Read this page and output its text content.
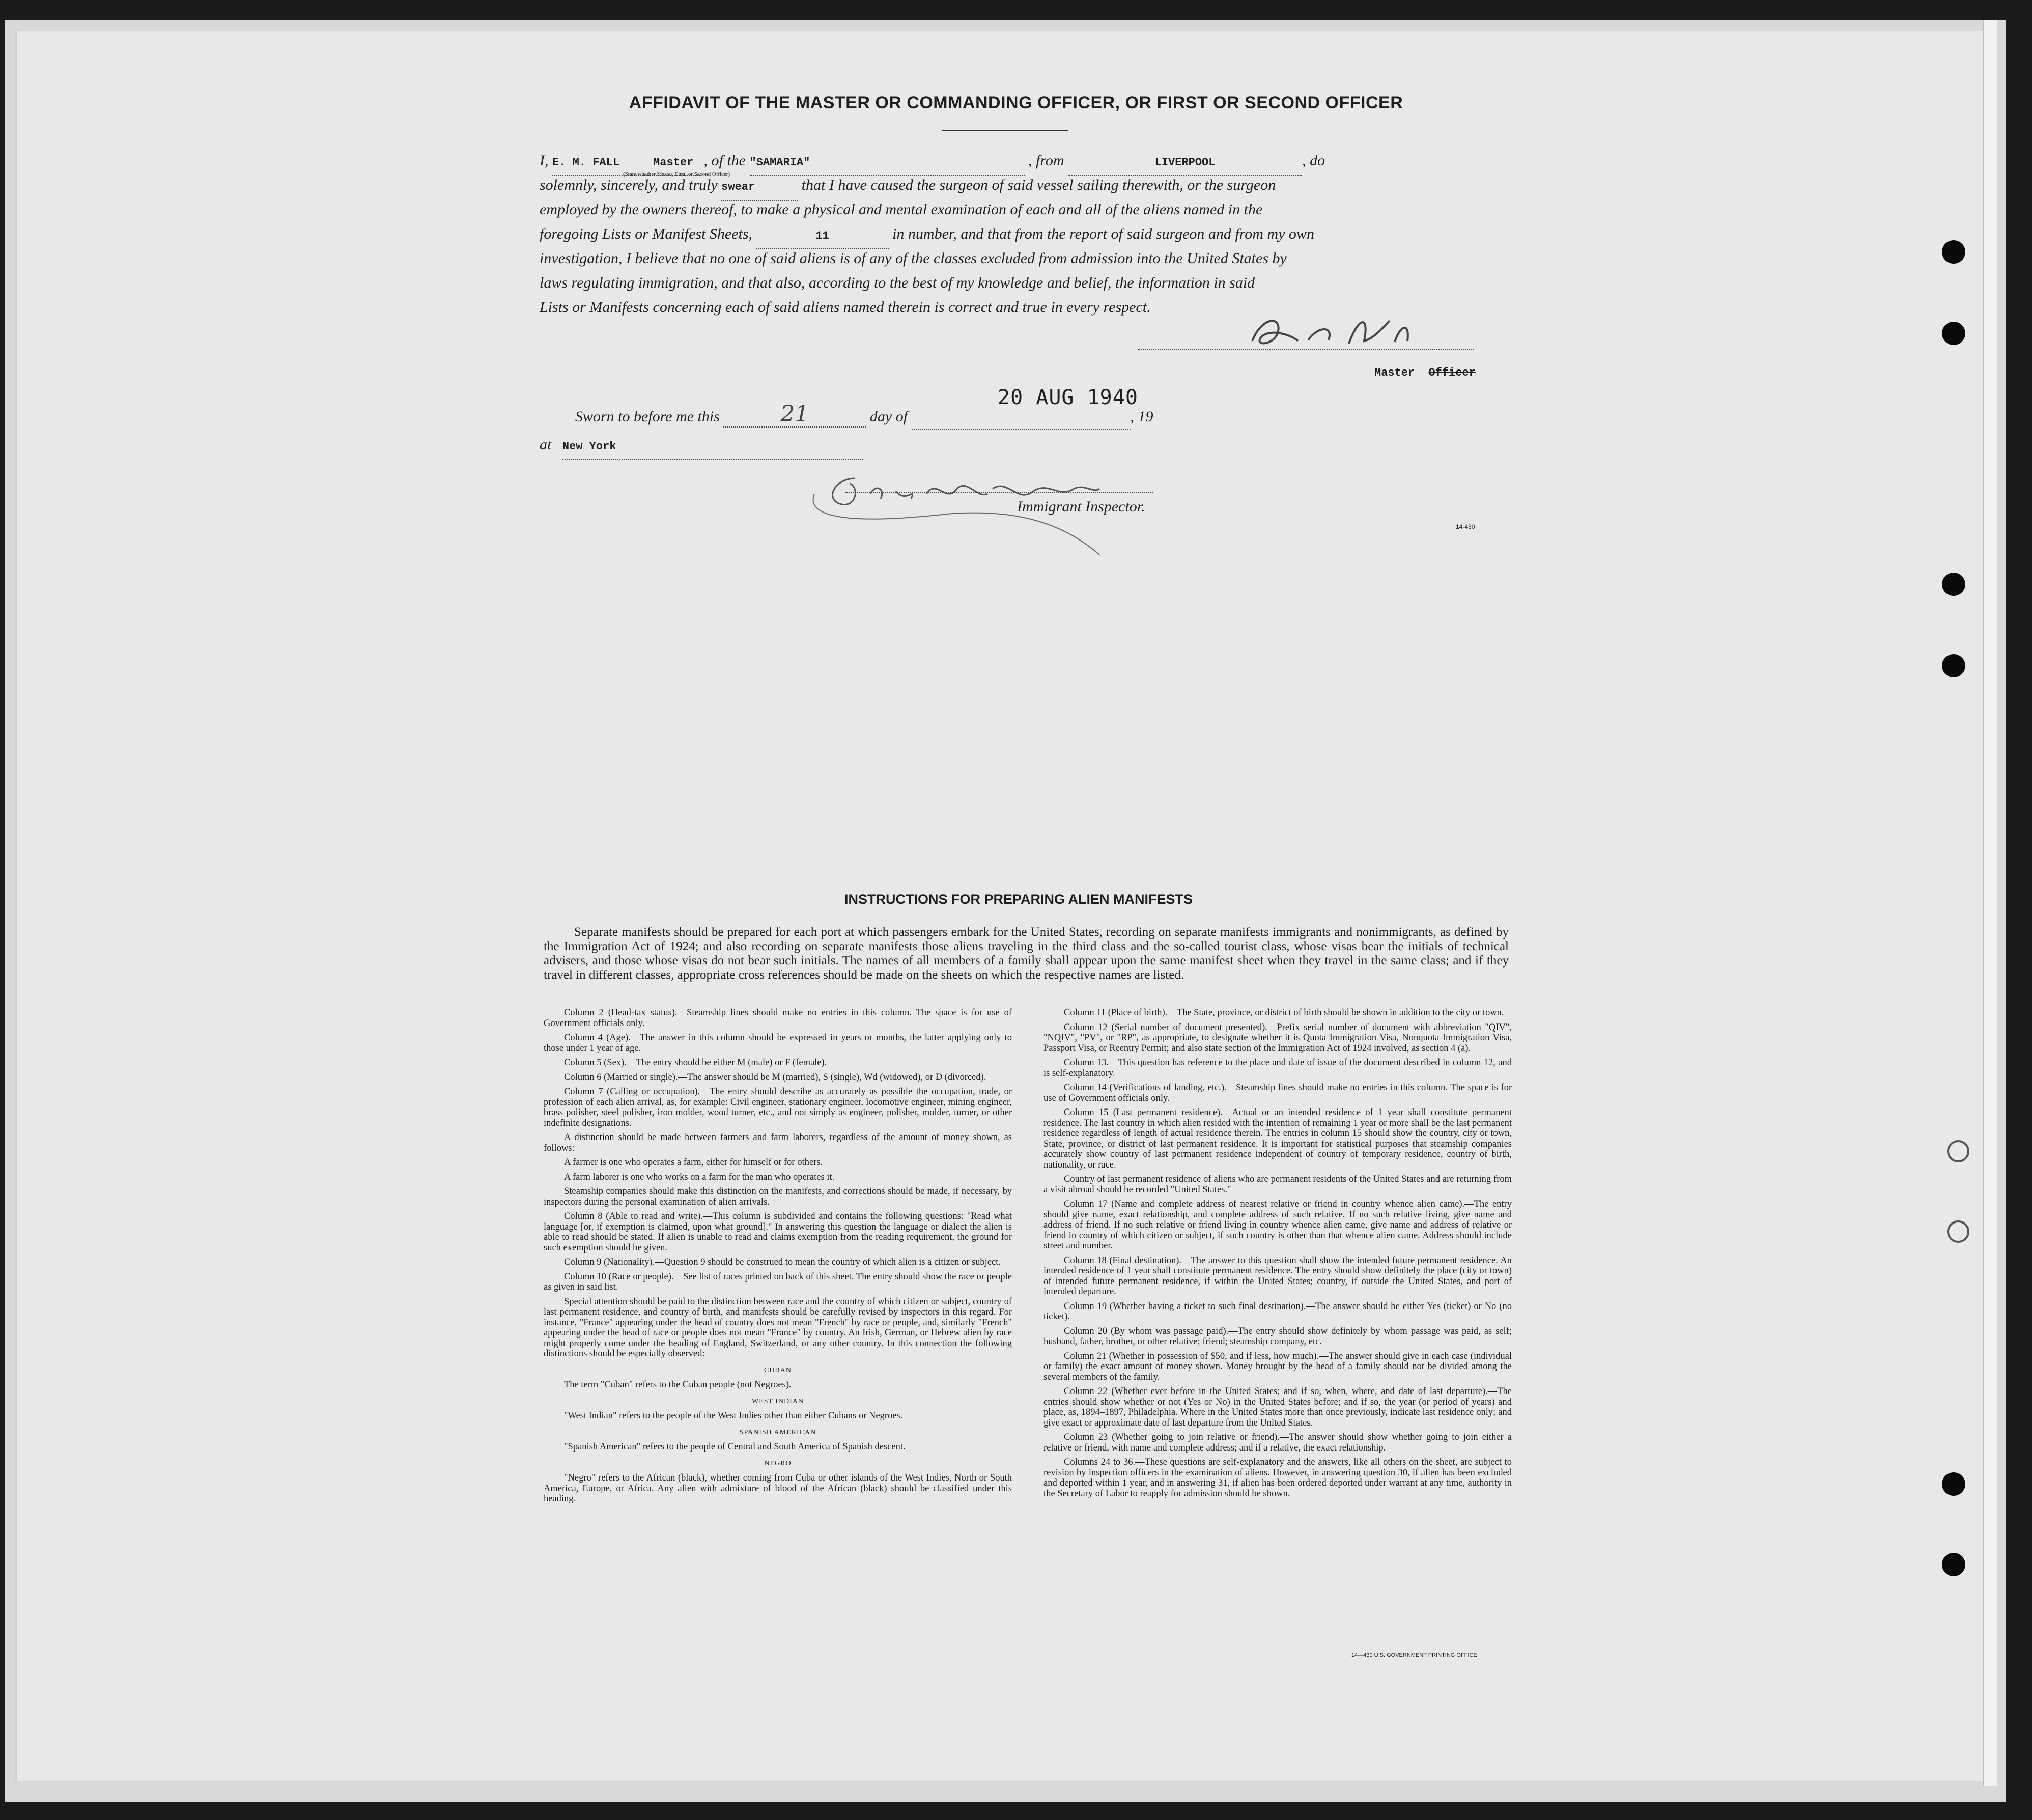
AFFIDAVIT OF THE MASTER OR COMMANDING OFFICER, OR FIRST OR SECOND OFFICER
I, E. M. FALL	Master , of the "SAMARIA"	, from	LIVERPOOL	, do
(State whether Master, First, or Second Officer)
solemnly, sincerely, and truly swear	that I have caused the surgeon of said vessel sailing therewith, or the surgeon
employed by the owners thereof, to make a physical and mental examination of each and all of the aliens named in the
foregoing Lists or Manifest Sheets,	11	in number, and that from the report of said surgeon and from my own
investigation, I believe that no one of said aliens is of any of the classes excluded from admission into the United States by
laws regulating immigration, and that also, according to the best of my knowledge and belief, the information in said
Lists or Manifests concerning each of said aliens named therein is correct and true in every respect.	E M Fall
Master Officer
Sworn to before me this	21	day of	, 19
20 AUG 1940
at New York
Joseph Lavin
Immigrant Inspector.
14-430
INSTRUCTIONS FOR PREPARING ALIEN MANIFESTS
Separate manifests should be prepared for each port at which passengers embark for the United States, recording on separate manifests immigrants and nonimmigrants, as defined by the Immigration Act of 1924; and also recording on separate manifests those aliens traveling in the third class and the so-called tourist class, whose visas bear the initials of technical advisers, and those whose visas do not bear such initials. The names of all members of a family shall appear upon the same manifest sheet when they travel in the same class; and if they travel in different classes, appropriate cross references should be made on the sheets on which the respective names are listed.

Column 2 (Head-tax status).—Steamship lines should make no entries in this column. The space is for use of Government officials only.

Column 4 (Age).—The answer in this column should be expressed in years or months, the latter applying only to those under 1 year of age.

Column 5 (Sex).—The entry should be either M (male) or F (female).

Column 6 (Married or single).—The answer should be M (married), S (single), Wd (widowed), or D (divorced).

Column 7 (Calling or occupation).—The entry should describe as accurately as possible the occupation, trade, or profession of each alien arrival, as, for example: Civil engineer, stationary engineer, locomotive engineer, mining engineer, brass polisher, steel polisher, iron molder, wood turner, etc., and not simply as engineer, polisher, molder, turner, or other indefinite designations.

A distinction should be made between farmers and farm laborers, regardless of the amount of money shown, as follows:

A farmer is one who operates a farm, either for himself or for others.

A farm laborer is one who works on a farm for the man who operates it.

Steamship companies should make this distinction on the manifests, and corrections should be made, if necessary, by inspectors during the personal examination of alien arrivals.

Column 8 (Able to read and write).—This column is subdivided and contains the following questions: "Read what language [or, if exemption is claimed, upon what ground]." In answering this question the language or dialect the alien is able to read should be stated. If alien is unable to read and claims exemption from the reading requirement, the ground for such exemption should be given.

Column 9 (Nationality).—Question 9 should be construed to mean the country of which alien is a citizen or subject.

Column 10 (Race or people).—See list of races printed on back of this sheet. The entry should show the race or people as given in said list.

Special attention should be paid to the distinction between race and the country of which citizen or subject, country of last permanent residence, and country of birth, and manifests should be carefully revised by inspectors in this regard. For instance, "France" appearing under the head of country does not mean "French" by race or people, and, similarly "French" appearing under the head of race or people does not mean "France" by country. An Irish, German, or Hebrew alien by race might properly come under the heading of England, Switzerland, or any other country. In this connection the following distinctions should be especially observed:

CUBAN

The term "Cuban" refers to the Cuban people (not Negroes).

WEST INDIAN

"West Indian" refers to the people of the West Indies other than either Cubans or Negroes.

SPANISH AMERICAN

"Spanish American" refers to the people of Central and South America of Spanish descent.

NEGRO

"Negro" refers to the African (black), whether coming from Cuba or other islands of the West Indies, North or South America, Europe, or Africa. Any alien with admixture of blood of the African (black) should be classified under this heading.

Column 11 (Place of birth).—The State, province, or district of birth should be shown in addition to the city or town.

Column 12 (Serial number of document presented).—Prefix serial number of document with abbreviation "QIV", "NQIV", "PV", or "RP", as appropriate, to designate whether it is Quota Immigration Visa, Nonquota Immigration Visa, Passport Visa, or Reentry Permit; and also state section of the Immigration Act of 1924 involved, as section 4 (a).

Column 13.—This question has reference to the place and date of issue of the document described in column 12, and is self-explanatory.

Column 14 (Verifications of landing, etc.).—Steamship lines should make no entries in this column. The space is for use of Government officials only.

Column 15 (Last permanent residence).—Actual or an intended residence of 1 year shall constitute permanent residence. The last country in which alien resided with the intention of remaining 1 year or more shall be the last permanent residence regardless of length of actual residence therein. The entries in column 15 should show the country, city or town, State, province, or district of last permanent residence. It is important for statistical purposes that steamship companies accurately show country of last permanent residence independent of country of temporary residence, country of birth, nationality, or race.

Country of last permanent residence of aliens who are permanent residents of the United States and are returning from a visit abroad should be recorded "United States."

Column 17 (Name and complete address of nearest relative or friend in country whence alien came).—The entry should give name, exact relationship, and complete address of such relative. If no such relative living, give name and address of friend. If no such relative or friend living in country whence alien came, give name and address of relative or friend in country of which citizen or subject, if such country is other than that whence alien came. Address should include street and number.

Column 18 (Final destination).—The answer to this question shall show the intended future permanent residence. An intended residence of 1 year shall constitute permanent residence. The entry should show definitely the place (city or town) of intended future permanent residence, if within the United States; country, if outside the United States, and port of intended departure.

Column 19 (Whether having a ticket to such final destination).—The answer should be either Yes (ticket) or No (no ticket).

Column 20 (By whom was passage paid).—The entry should show definitely by whom passage was paid, as self; husband, father, brother, or other relative; friend; steamship company, etc.

Column 21 (Whether in possession of $50, and if less, how much).—The answer should give in each case (individual or family) the exact amount of money shown. Money brought by the head of a family should not be divided among the several members of the family.

Column 22 (Whether ever before in the United States; and if so, when, where, and date of last departure).—The entries should show whether or not (Yes or No) in the United States before; and if so, the year (or period of years) and place, as, 1894–1897, Philadelphia. Where in the United States more than once previously, indicate last residence only; and give exact or approximate date of last departure from the United States.

Column 23 (Whether going to join relative or friend).—The answer should show whether going to join either a relative or friend, with name and complete address; and if a relative, the exact relationship.

Columns 24 to 36.—These questions are self-explanatory and the answers, like all others on the sheet, are subject to revision by inspection officers in the examination of aliens. However, in answering question 30, if alien has been excluded and deported within 1 year, and in answering 31, if alien has been ordered deported under warrant at any time, authority in the Secretary of Labor to reapply for admission should be shown.

14—430 U.S. GOVERNMENT PRINTING OFFICE
